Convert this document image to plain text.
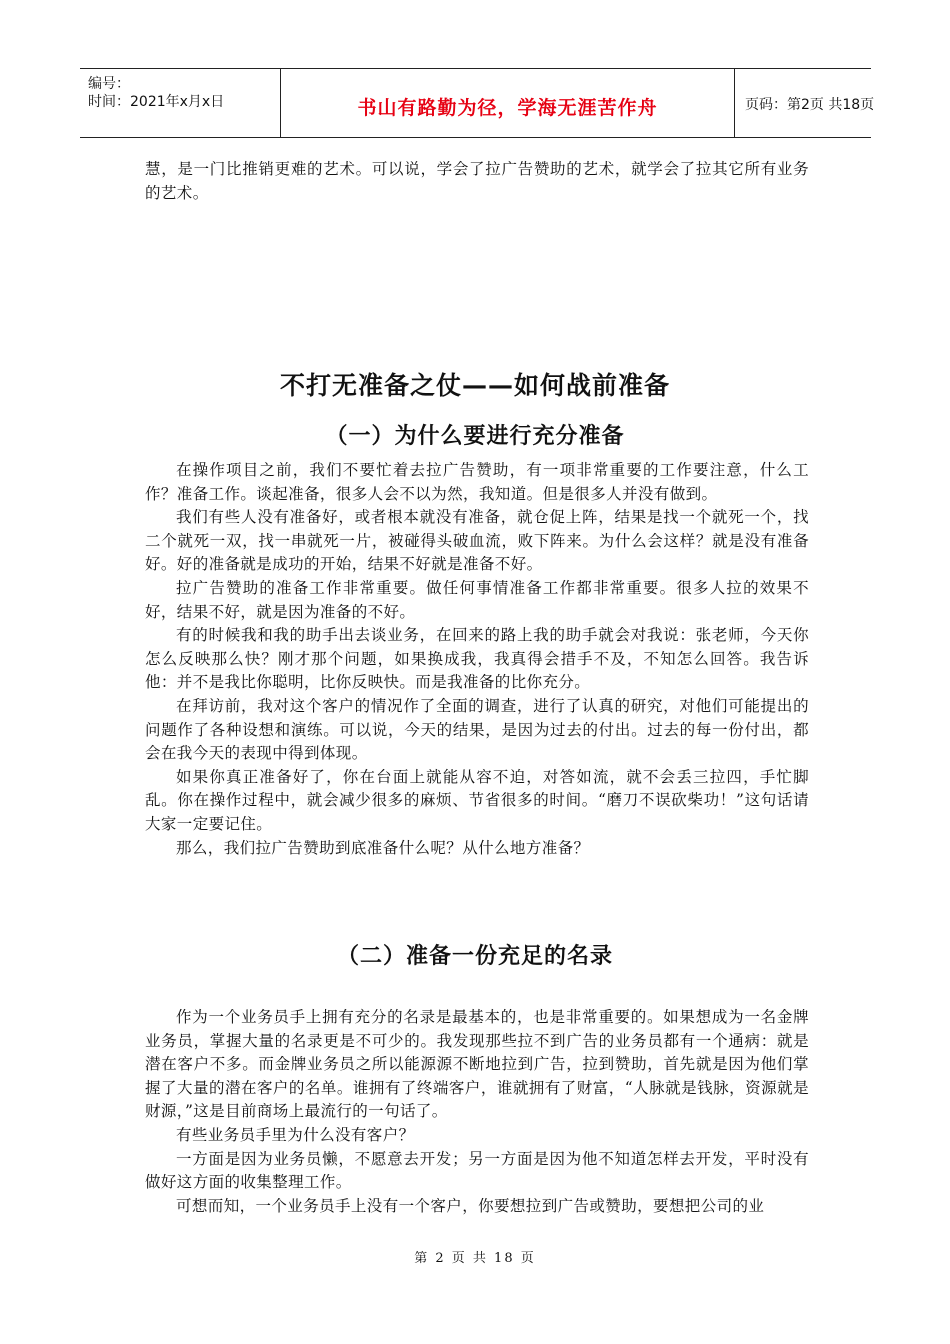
编号：
时间：2021年x月x日	书山有路勤为径，学海无涯苦作舟	页码：第2页 共18页

慧，是一门比推销更难的艺术。可以说，学会了拉广告赞助的艺术，就学会了拉其它所有业务的艺术。

不打无准备之仗——如何战前准备
（一）为什么要进行充分准备

在操作项目之前，我们不要忙着去拉广告赞助，有一项非常重要的工作要注意，什么工作？准备工作。谈起准备，很多人会不以为然，我知道。但是很多人并没有做到。

我们有些人没有准备好，或者根本就没有准备，就仓促上阵，结果是找一个就死一个，找二个就死一双，找一串就死一片，被碰得头破血流，败下阵来。为什么会这样？就是没有准备好。好的准备就是成功的开始，结果不好就是准备不好。

拉广告赞助的准备工作非常重要。做任何事情准备工作都非常重要。很多人拉的效果不好，结果不好，就是因为准备的不好。

有的时候我和我的助手出去谈业务，在回来的路上我的助手就会对我说：张老师，今天你怎么反映那么快？刚才那个问题，如果换成我，我真得会措手不及，不知怎么回答。我告诉他：并不是我比你聪明，比你反映快。而是我准备的比你充分。

在拜访前，我对这个客户的情况作了全面的调查，进行了认真的研究，对他们可能提出的问题作了各种设想和演练。可以说，今天的结果，是因为过去的付出。过去的每一份付出，都会在我今天的表现中得到体现。

如果你真正准备好了，你在台面上就能从容不迫，对答如流，就不会丢三拉四，手忙脚乱。你在操作过程中，就会减少很多的麻烦、节省很多的时间。“磨刀不误砍柴功！”这句话请大家一定要记住。

那么，我们拉广告赞助到底准备什么呢？从什么地方准备？

（二）准备一份充足的名录

作为一个业务员手上拥有充分的名录是最基本的，也是非常重要的。如果想成为一名金牌业务员，掌握大量的名录更是不可少的。我发现那些拉不到广告的业务员都有一个通病：就是潜在客户不多。而金牌业务员之所以能源源不断地拉到广告，拉到赞助，首先就是因为他们掌握了大量的潜在客户的名单。谁拥有了终端客户，谁就拥有了财富，“人脉就是钱脉，资源就是财源，”这是目前商场上最流行的一句话了。

有些业务员手里为什么没有客户？

一方面是因为业务员懒，不愿意去开发；另一方面是因为他不知道怎样去开发，平时没有做好这方面的收集整理工作。

可想而知，一个业务员手上没有一个客户，你要想拉到广告或赞助，要想把公司的业

第 2 页 共 18 页
